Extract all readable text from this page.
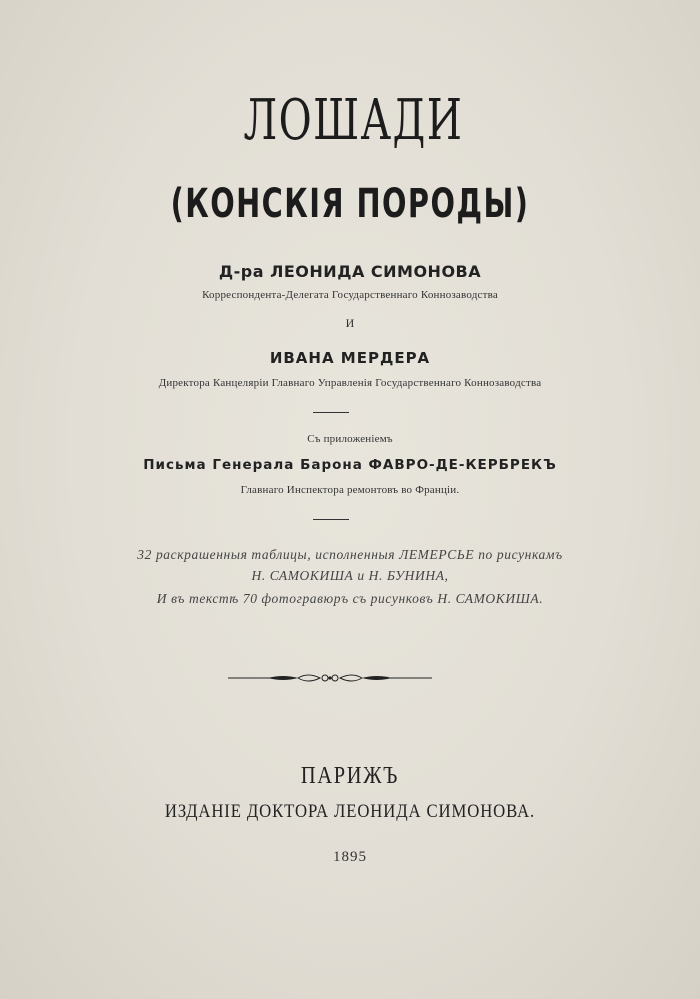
ЛОШАДИ
(КОНСКІЯ ПОРОДЫ)
Д-ра ЛЕОНИДА СИМОНОВА
Корреспондента-Делегата Государственнаго Коннозаводства
И
ИВАНА МЕРДЕРА
Директора Канцеляріи Главнаго Управленія Государственнаго Коннозаводства
Съ приложеніемъ
Письма Генерала Барона ФАВРО-ДЕ-КЕРБРЕКЪ
Главнаго Инспектора ремонтовъ во Франціи.
32 раскрашенныя таблицы, исполненныя ЛЕМЕРСЬЕ по рисункамъ
Н. САМОКИША и Н. БУНИНА,
И въ текстѣ 70 фотогравюръ съ рисунковъ Н. САМОКИША.
ПАРИЖЪ
ИЗДАНІЕ ДОКТОРА ЛЕОНИДА СИМОНОВА.
1895
